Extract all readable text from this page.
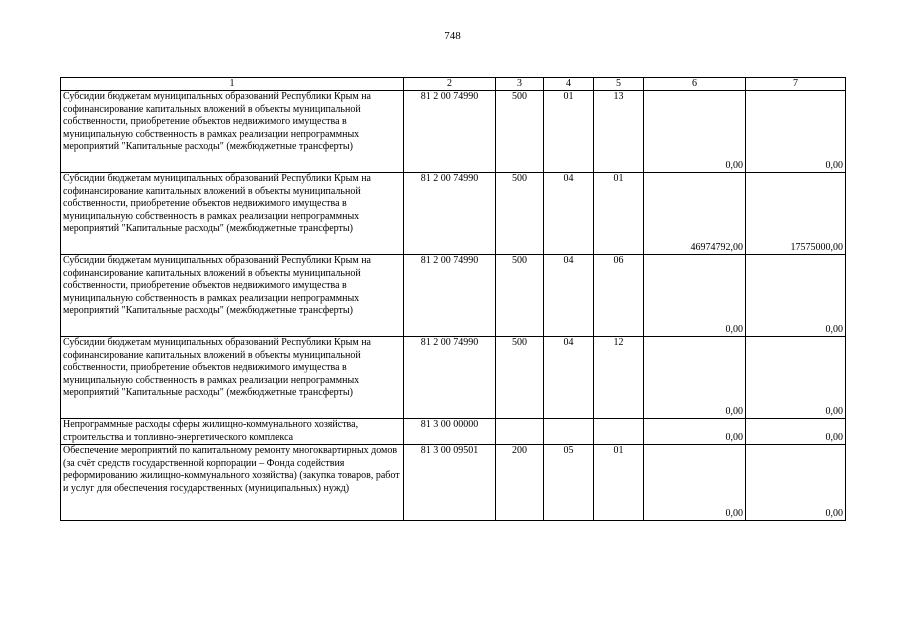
748
1	2	3	4	5	6	7
Субсидии бюджетам муниципальных образований Республики Крым на софинансирование капитальных вложений в объекты муниципальной собственности, приобретение объектов недвижимого имущества в муниципальную собственность в рамках реализации непрограммных мероприятий "Капитальные расходы" (межбюджетные трансферты)	81 2 00 74990	500	01	13	0,00	0,00
Субсидии бюджетам муниципальных образований Республики Крым на софинансирование капитальных вложений в объекты муниципальной собственности, приобретение объектов недвижимого имущества в муниципальную собственность в рамках реализации непрограммных мероприятий "Капитальные расходы" (межбюджетные трансферты)	81 2 00 74990	500	04	01	46974792,00	17575000,00
Субсидии бюджетам муниципальных образований Республики Крым на софинансирование капитальных вложений в объекты муниципальной собственности, приобретение объектов недвижимого имущества в муниципальную собственность в рамках реализации непрограммных мероприятий "Капитальные расходы" (межбюджетные трансферты)	81 2 00 74990	500	04	06	0,00	0,00
Субсидии бюджетам муниципальных образований Республики Крым на софинансирование капитальных вложений в объекты муниципальной собственности, приобретение объектов недвижимого имущества в муниципальную собственность в рамках реализации непрограммных мероприятий "Капитальные расходы" (межбюджетные трансферты)	81 2 00 74990	500	04	12	0,00	0,00
Непрограммные расходы сферы жилищно-коммунального хозяйства, строительства и топливно-энергетического комплекса	81 3 00 00000				0,00	0,00
Обеспечение мероприятий по капитальному ремонту многоквартирных домов (за счёт средств государственной корпорации – Фонда содействия реформированию жилищно-коммунального хозяйства) (закупка товаров, работ и услуг для обеспечения государственных (муниципальных) нужд)	81 3 00 09501	200	05	01	0,00	0,00
